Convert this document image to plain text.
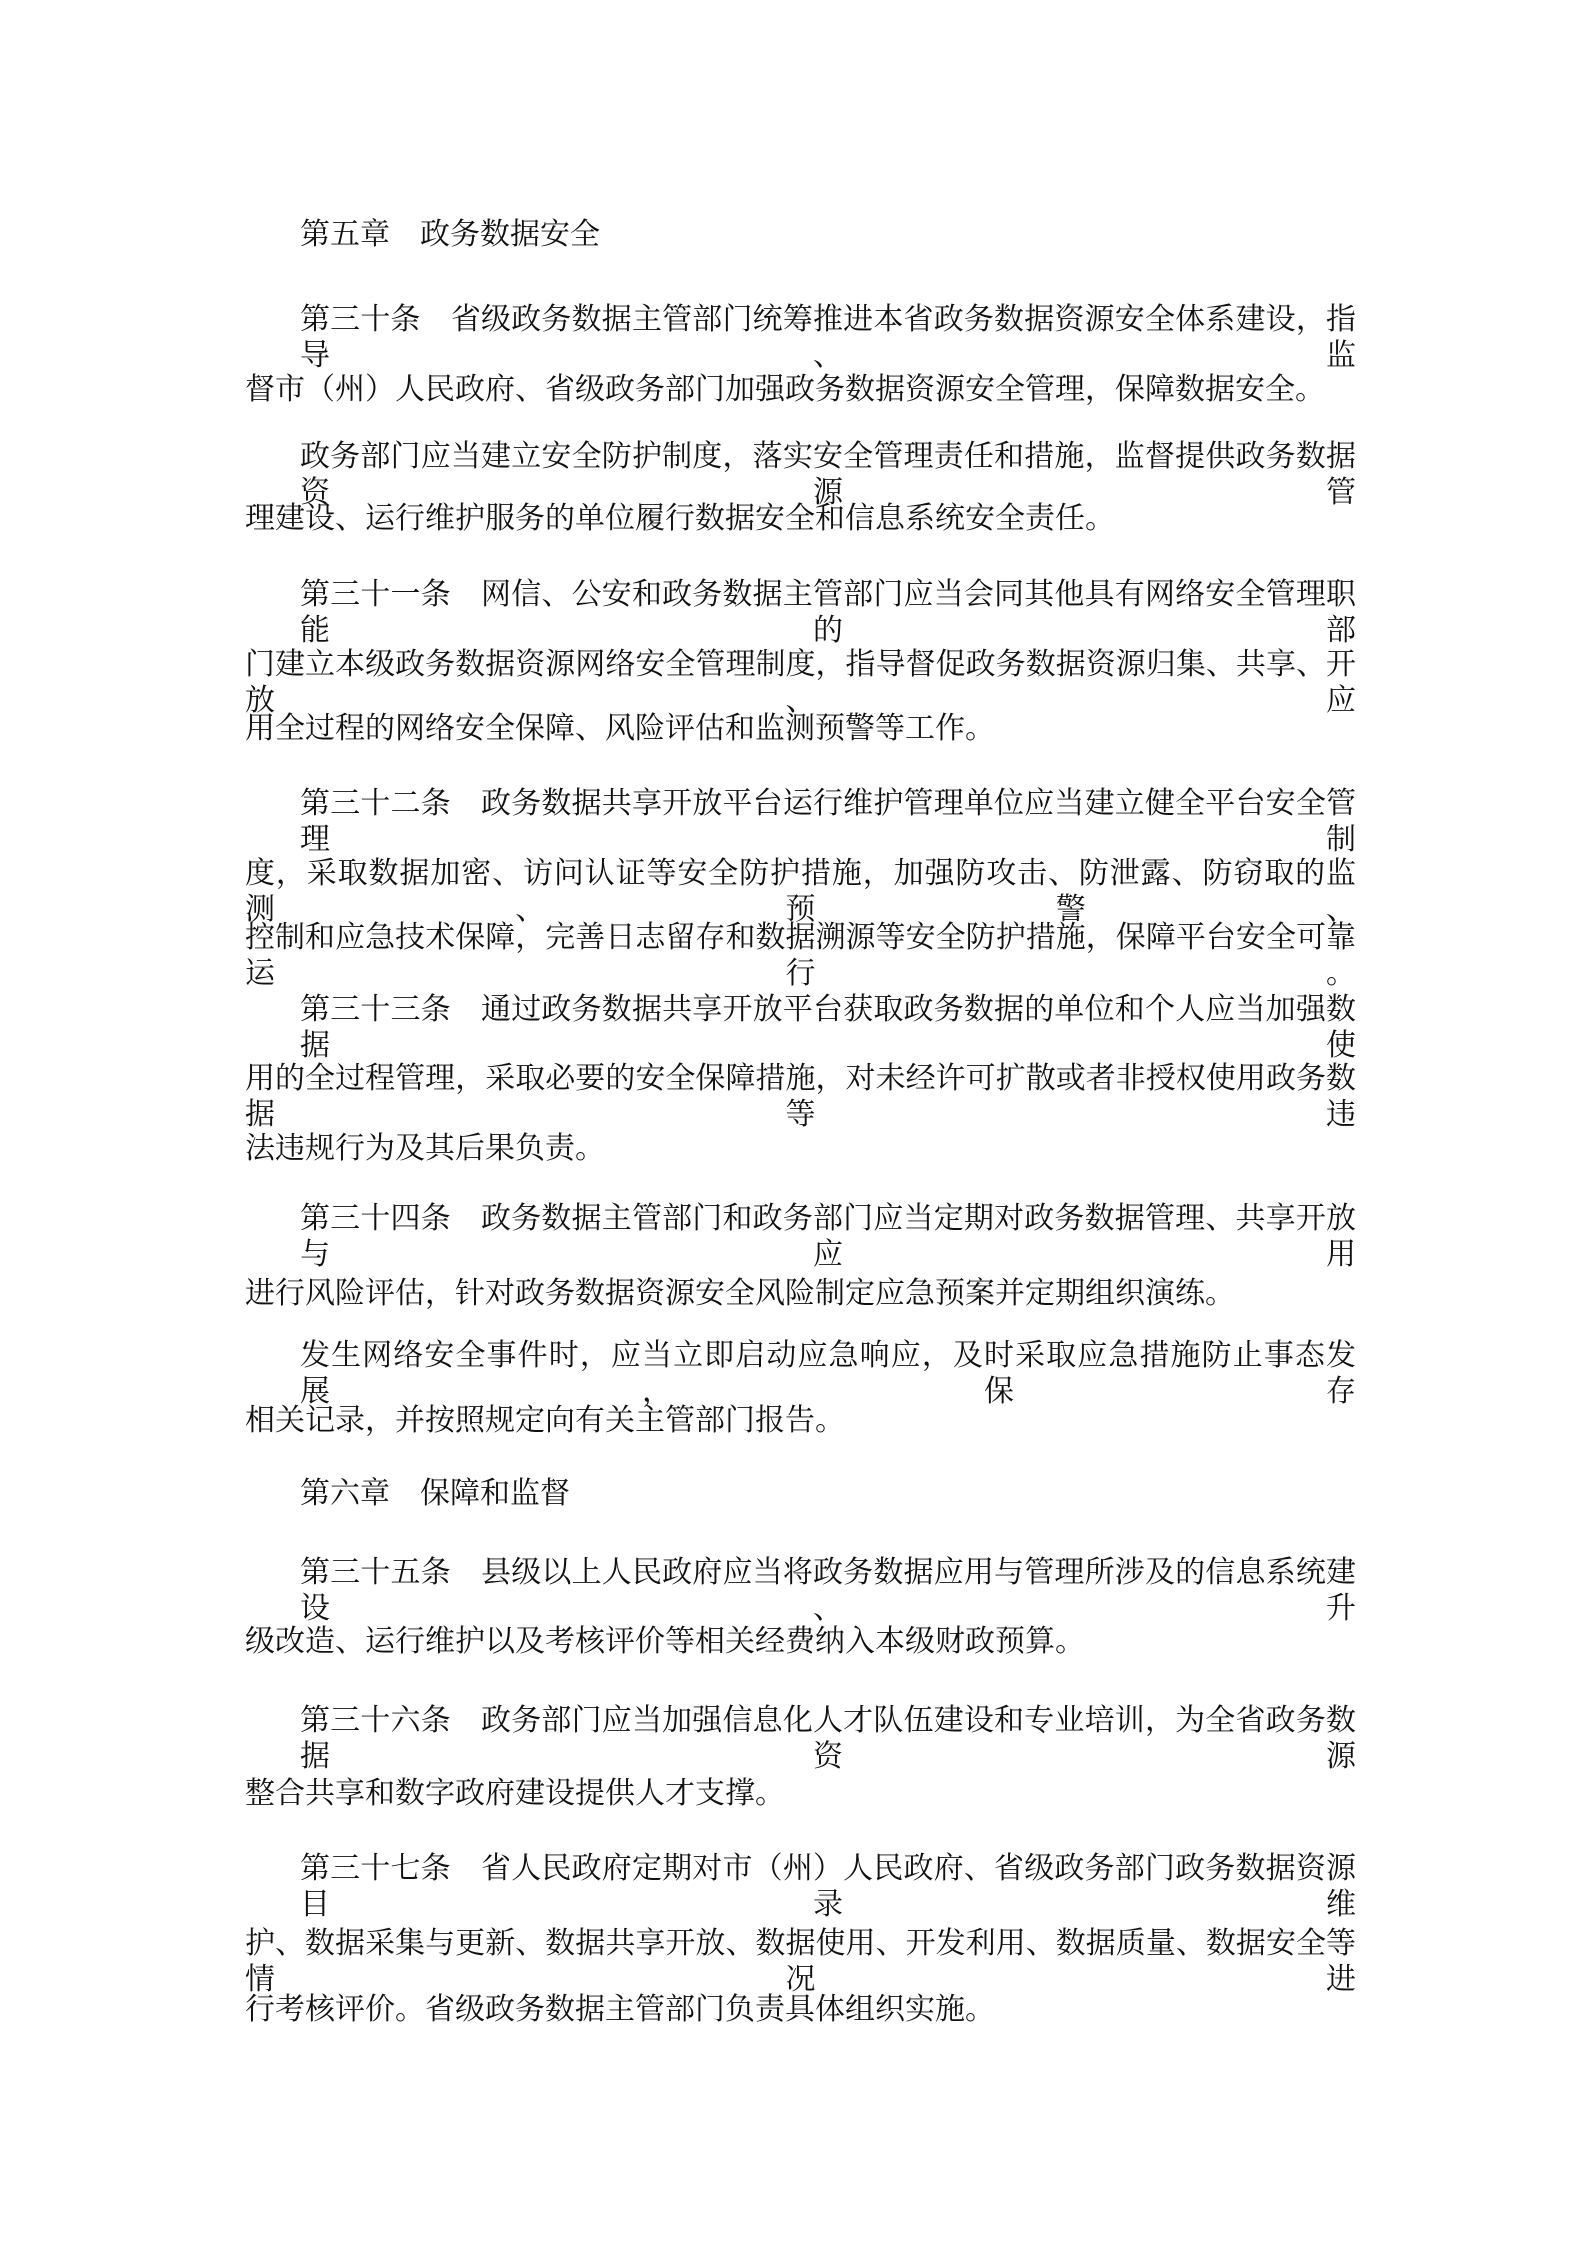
第五章　政务数据安全
第三十条　省级政务数据主管部门统筹推进本省政务数据资源安全体系建设，指导、监
督市（州）人民政府、省级政务部门加强政务数据资源安全管理，保障数据安全。
政务部门应当建立安全防护制度，落实安全管理责任和措施，监督提供政务数据资源管
理建设、运行维护服务的单位履行数据安全和信息系统安全责任。
第三十一条　网信、公安和政务数据主管部门应当会同其他具有网络安全管理职能的部
门建立本级政务数据资源网络安全管理制度，指导督促政务数据资源归集、共享、开放、应
用全过程的网络安全保障、风险评估和监测预警等工作。
第三十二条　政务数据共享开放平台运行维护管理单位应当建立健全平台安全管理制
度，采取数据加密、访问认证等安全防护措施，加强防攻击、防泄露、防窃取的监测、预警、
控制和应急技术保障，完善日志留存和数据溯源等安全防护措施，保障平台安全可靠运行。
第三十三条　通过政务数据共享开放平台获取政务数据的单位和个人应当加强数据使
用的全过程管理，采取必要的安全保障措施，对未经许可扩散或者非授权使用政务数据等违
法违规行为及其后果负责。
第三十四条　政务数据主管部门和政务部门应当定期对政务数据管理、共享开放与应用
进行风险评估，针对政务数据资源安全风险制定应急预案并定期组织演练。
发生网络安全事件时，应当立即启动应急响应，及时采取应急措施防止事态发展，保存
相关记录，并按照规定向有关主管部门报告。
第六章　保障和监督
第三十五条　县级以上人民政府应当将政务数据应用与管理所涉及的信息系统建设、升
级改造、运行维护以及考核评价等相关经费纳入本级财政预算。
第三十六条　政务部门应当加强信息化人才队伍建设和专业培训，为全省政务数据资源
整合共享和数字政府建设提供人才支撑。
第三十七条　省人民政府定期对市（州）人民政府、省级政务部门政务数据资源目录维
护、数据采集与更新、数据共享开放、数据使用、开发利用、数据质量、数据安全等情况进
行考核评价。省级政务数据主管部门负责具体组织实施。
